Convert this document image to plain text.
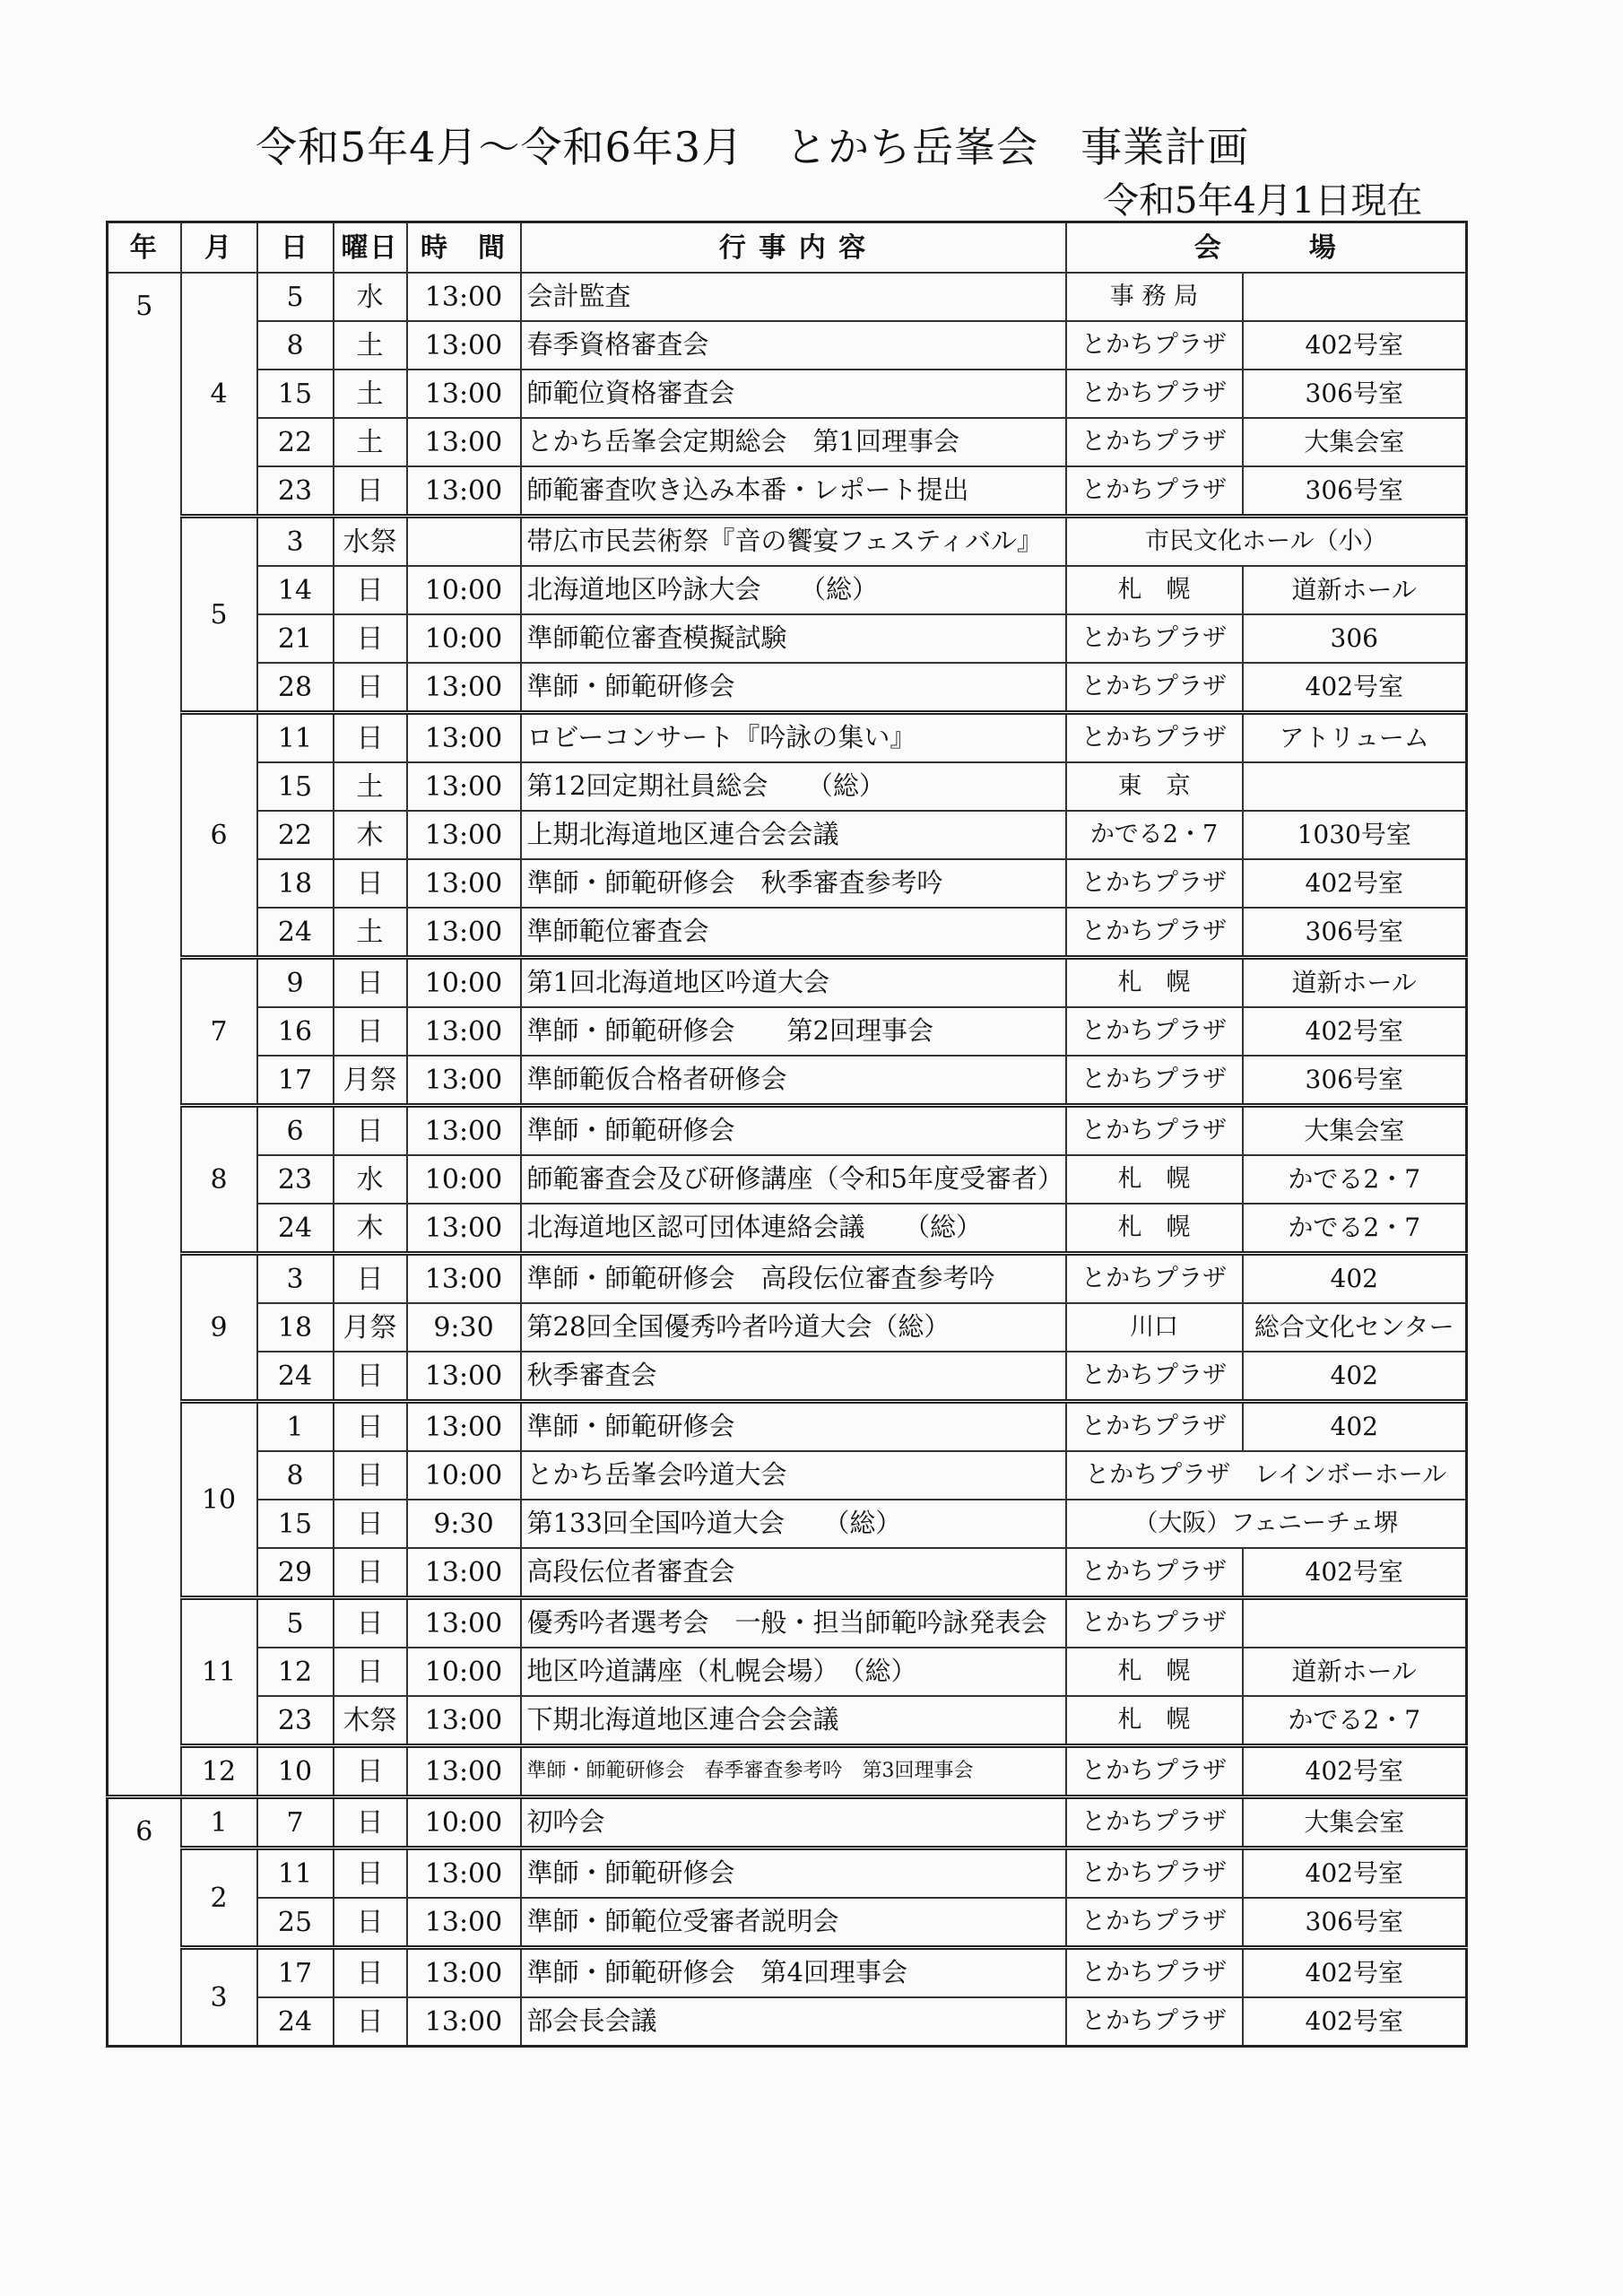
令和5年4月～令和6年3月　とかち岳峯会　事業計画
令和5年4月1日現在
年	月	日	曜日	時　間	行 事 内 容	会　　　場	
5	4	5	水	13:00	会計監査	事 務 局	
		8	土	13:00	春季資格審査会	とかちプラザ	402号室
		15	土	13:00	師範位資格審査会	とかちプラザ	306号室
		22	土	13:00	とかち岳峯会定期総会　第1回理事会	とかちプラザ	大集会室
		23	日	13:00	師範審査吹き込み本番・レポート提出	とかちプラザ	306号室
	5	3	水祭		帯広市民芸術祭『音の饗宴フェスティバル』	市民文化ホール（小）	
		14	日	10:00	北海道地区吟詠大会　　（総）	札　幌	道新ホール
		21	日	10:00	準師範位審査模擬試験	とかちプラザ	306
		28	日	13:00	準師・師範研修会	とかちプラザ	402号室
	6	11	日	13:00	ロビーコンサート『吟詠の集い』	とかちプラザ	アトリューム
		15	土	13:00	第12回定期社員総会　　（総）	東　京	
		22	木	13:00	上期北海道地区連合会会議	かでる2・7	1030号室
		18	日	13:00	準師・師範研修会　秋季審査参考吟	とかちプラザ	402号室
		24	土	13:00	準師範位審査会	とかちプラザ	306号室
	7	9	日	10:00	第1回北海道地区吟道大会	札　幌	道新ホール
		16	日	13:00	準師・師範研修会　　第2回理事会	とかちプラザ	402号室
		17	月祭	13:00	準師範仮合格者研修会	とかちプラザ	306号室
	8	6	日	13:00	準師・師範研修会	とかちプラザ	大集会室
		23	水	10:00	師範審査会及び研修講座（令和5年度受審者）	札　幌	かでる2・7
		24	木	13:00	北海道地区認可団体連絡会議　　（総）	札　幌	かでる2・7
	9	3	日	13:00	準師・師範研修会　高段伝位審査参考吟	とかちプラザ	402
		18	月祭	9:30	第28回全国優秀吟者吟道大会（総）	川口	総合文化センター
		24	日	13:00	秋季審査会	とかちプラザ	402
	10	1	日	13:00	準師・師範研修会	とかちプラザ	402
		8	日	10:00	とかち岳峯会吟道大会	とかちプラザ　レインボーホール	
		15	日	9:30	第133回全国吟道大会　　（総）	（大阪）フェニーチェ堺	
		29	日	13:00	高段伝位者審査会	とかちプラザ	402号室
	11	5	日	13:00	優秀吟者選考会　一般・担当師範吟詠発表会	とかちプラザ	
		12	日	10:00	地区吟道講座（札幌会場）　（総）	札　幌	道新ホール
		23	木祭	13:00	下期北海道地区連合会会議	札　幌	かでる2・7
	12	10	日	13:00	準師・師範研修会　春季審査参考吟　第3回理事会	とかちプラザ	402号室
6	1	7	日	10:00	初吟会	とかちプラザ	大集会室
	2	11	日	13:00	準師・師範研修会	とかちプラザ	402号室
		25	日	13:00	準師・師範位受審者説明会	とかちプラザ	306号室
	3	17	日	13:00	準師・師範研修会　第4回理事会	とかちプラザ	402号室
		24	日	13:00	部会長会議	とかちプラザ	402号室
